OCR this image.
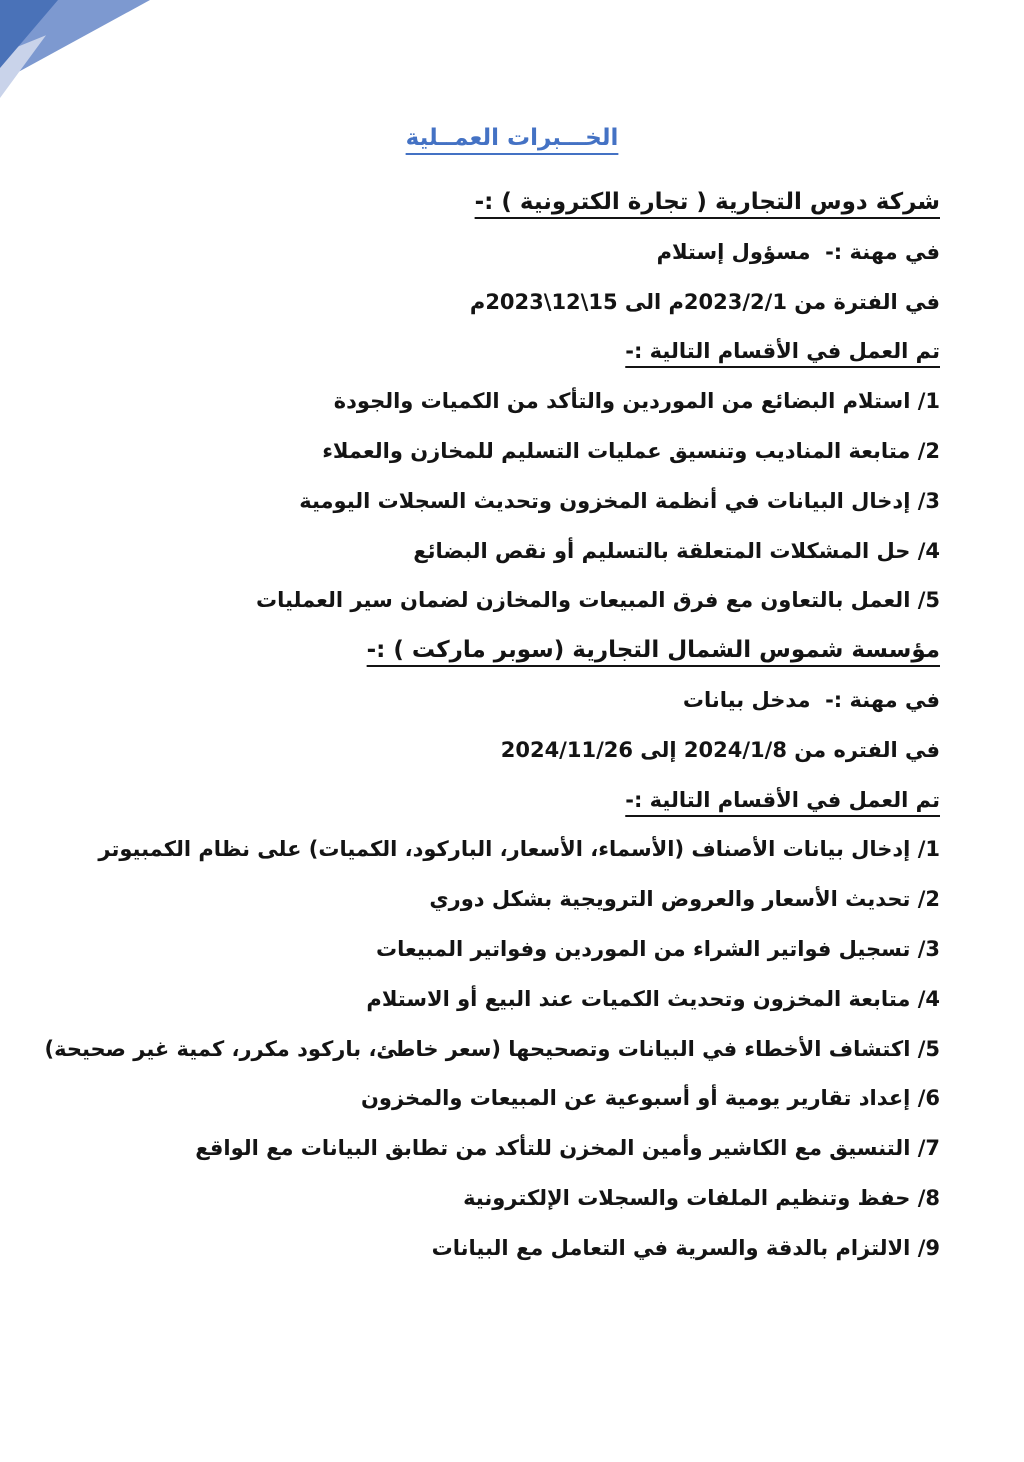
الخـــبرات العمــلية
شركة دوس التجارية ( تجارة الكترونية ) :-

في مهنة :-  مسؤول إستلام

في الفترة من 2023/2/1م الى 15\12\2023م

تم العمل في الأقسام التالية :-

1/ استلام البضائع من الموردين والتأكد من الكميات والجودة

2/ متابعة المناديب وتنسيق عمليات التسليم للمخازن والعملاء

3/ إدخال البيانات في أنظمة المخزون وتحديث السجلات اليومية

4/ حل المشكلات المتعلقة بالتسليم أو نقص البضائع

5/ العمل بالتعاون مع فرق المبيعات والمخازن لضمان سير العمليات

مؤسسة شموس الشمال التجارية (سوبر ماركت ) :-

في مهنة :-  مدخل بيانات

في الفتره من 2024/1/8 إلى 2024/11/26

تم العمل في الأقسام التالية :-

1/ إدخال بيانات الأصناف (الأسماء، الأسعار، الباركود، الكميات) على نظام الكمبيوتر

2/ تحديث الأسعار والعروض الترويجية بشكل دوري

3/ تسجيل فواتير الشراء من الموردين وفواتير المبيعات

4/ متابعة المخزون وتحديث الكميات عند البيع أو الاستلام

5/ اكتشاف الأخطاء في البيانات وتصحيحها (سعر خاطئ، باركود مكرر، كمية غير صحيحة)

6/ إعداد تقارير يومية أو أسبوعية عن المبيعات والمخزون

7/ التنسيق مع الكاشير وأمين المخزن للتأكد من تطابق البيانات مع الواقع

8/ حفظ وتنظيم الملفات والسجلات الإلكترونية

9/ الالتزام بالدقة والسرية في التعامل مع البيانات
